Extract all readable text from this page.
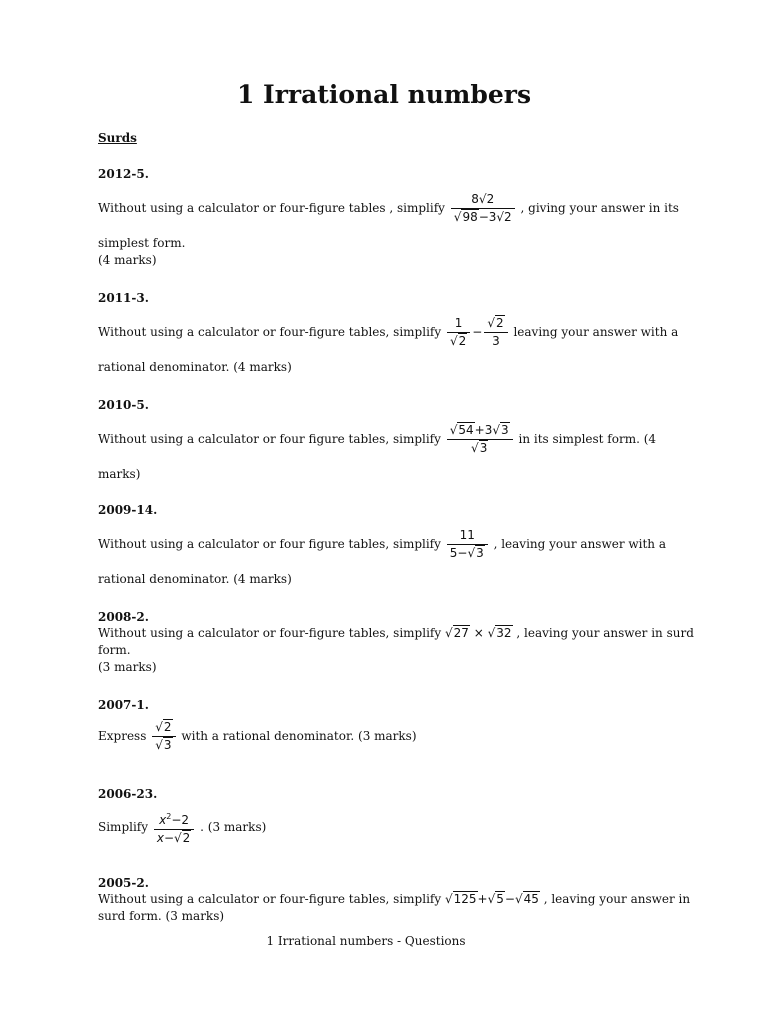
1 Irrational numbers

Surds

2012-5.

Without using a calculator or four-figure tables , simplify $\frac{8√2}{√98-3√2}$ , giving your answer in its
simplest form.
(4 marks)

2011-3.

Without using a calculator or four-figure tables, simplify $\frac{1}{√2} - \frac{√2}{3}$ leaving your answer with a
rational denominator. (4 marks)

2010-5.

Without using a calculator or four figure tables, simplify $\frac{√54+3√3}{√3}$ in its simplest form. (4
marks)

2009-14.

Without using a calculator or four figure tables, simplify $\frac{11}{5-√3}$ , leaving your answer with a
rational denominator. (4 marks)

2008-2.

Without using a calculator or four-figure tables, simplify √27 × √32 , leaving your answer in surd
form.
(3 marks)

2007-1.

Express $\frac{√2}{√3}$ with a rational denominator. (3 marks)

2006-23.

Simplify $\frac{x^2-2}{x-√2}$ . (3 marks)

2005-2.

Without using a calculator or four-figure tables, simplify √125+√5−√45 , leaving your answer in
surd form. (3 marks)

1 Irrational numbers - Questions
